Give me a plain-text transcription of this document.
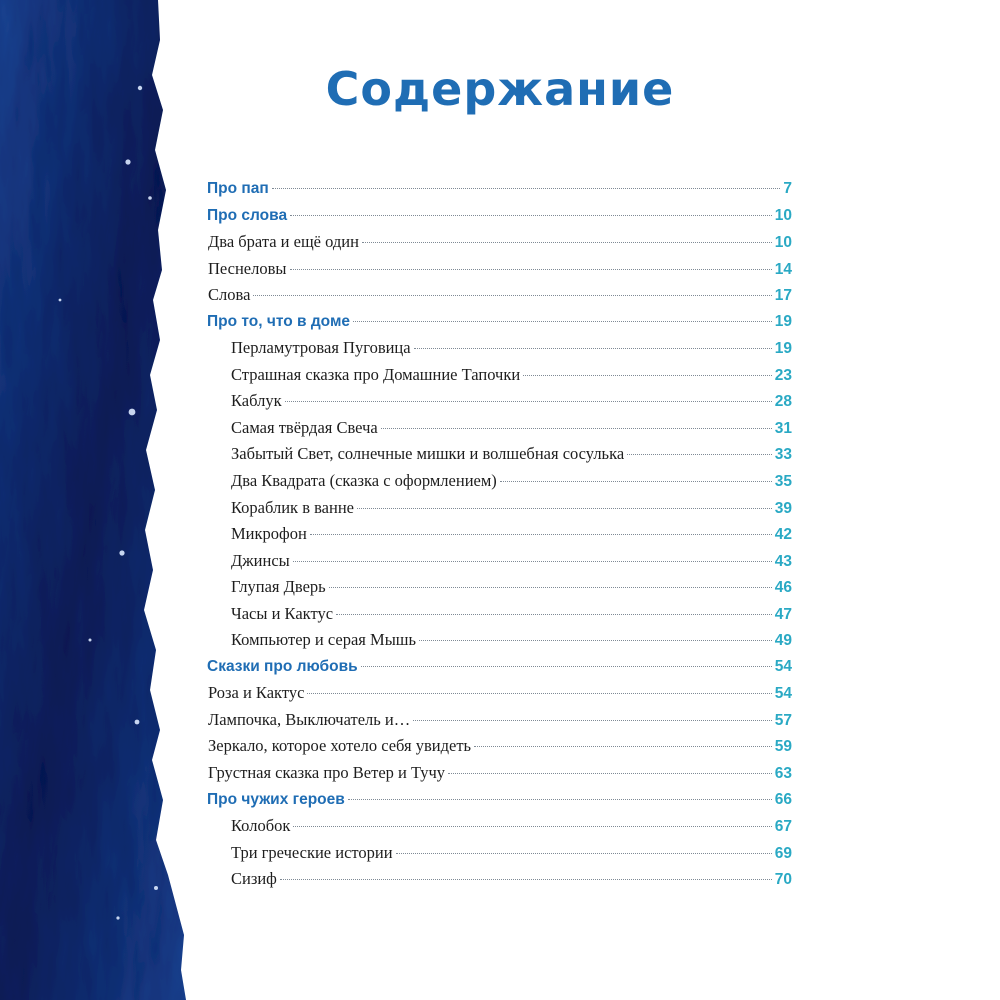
Содержание
Про пап	7
Про слова	10
Два брата и ещё один	10
Песнеловы	14
Слова	17
Про то, что в доме	19
Перламутровая Пуговица	19
Страшная сказка про Домашние Тапочки	23
Каблук	28
Самая твёрдая Свеча	31
Забытый Свет, солнечные мишки и волшебная сосулька	33
Два Квадрата (сказка с оформлением)	35
Кораблик в ванне	39
Микрофон	42
Джинсы	43
Глупая Дверь	46
Часы и Кактус	47
Компьютер и серая Мышь	49
Сказки про любовь	54
Роза и Кактус	54
Лампочка, Выключатель и…	57
Зеркало, которое хотело себя увидеть	59
Грустная сказка про Ветер и Тучу	63
Про чужих героев	66
Колобок	67
Три греческие истории	69
Сизиф	70
